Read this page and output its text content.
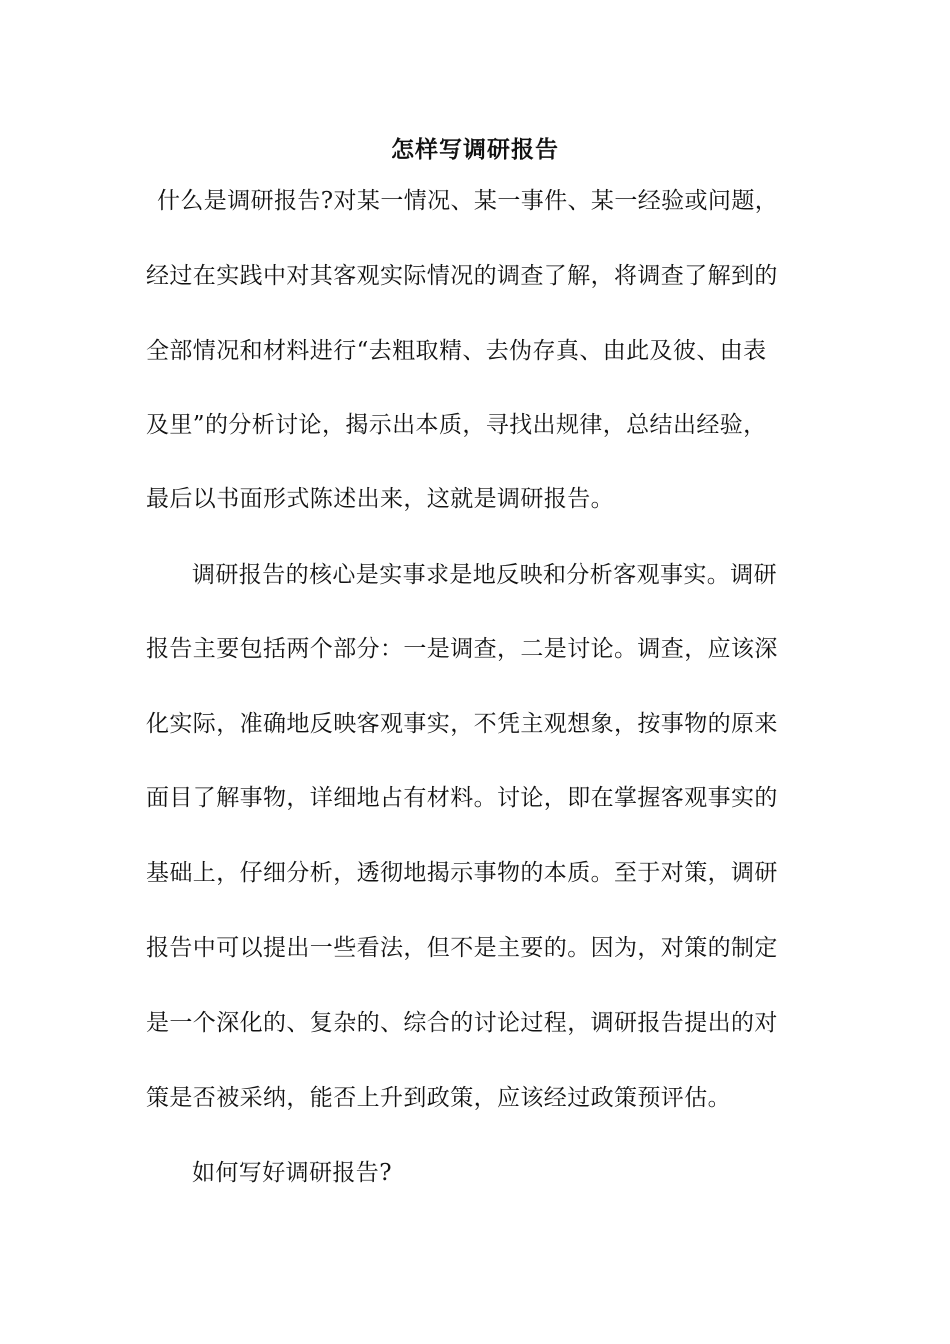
怎样写调研报告
什么是调研报告?对某一情况、某一事件、某一经验或问题，
经过在实践中对其客观实际情况的调查了解，将调查了解到的
全部情况和材料进行“去粗取精、去伪存真、由此及彼、由表
及里”的分析讨论，揭示出本质，寻找出规律，总结出经验，
最后以书面形式陈述出来，这就是调研报告。
调研报告的核心是实事求是地反映和分析客观事实。调研
报告主要包括两个部分：一是调查，二是讨论。调查，应该深
化实际，准确地反映客观事实，不凭主观想象，按事物的原来
面目了解事物，详细地占有材料。讨论，即在掌握客观事实的
基础上，仔细分析，透彻地揭示事物的本质。至于对策，调研
报告中可以提出一些看法，但不是主要的。因为，对策的制定
是一个深化的、复杂的、综合的讨论过程，调研报告提出的对
策是否被采纳，能否上升到政策，应该经过政策预评估。
如何写好调研报告?
